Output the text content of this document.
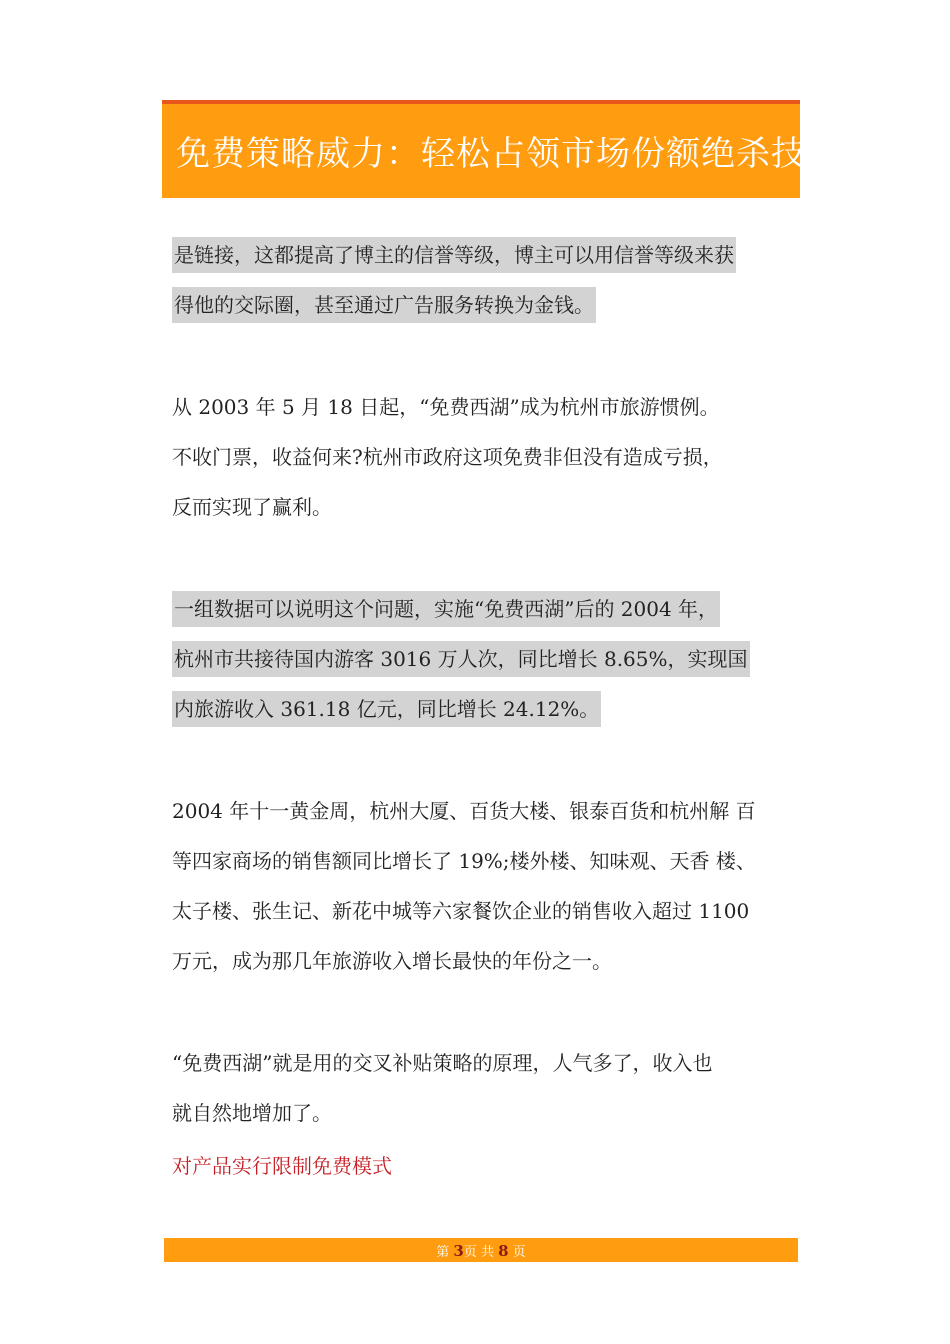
免费策略威力：轻松占领市场份额绝杀技
是链接，这都提高了博主的信誉等级，博主可以用信誉等级来获
得他的交际圈，甚至通过广告服务转换为金钱。
从 2003 年 5 月 18 日起，“免费西湖”成为杭州市旅游惯例。
不收门票，收益何来?杭州市政府这项免费非但没有造成亏损，
反而实现了赢利。
一组数据可以说明这个问题，实施“免费西湖”后的 2004 年，
杭州市共接待国内游客 3016 万人次，同比增长 8.65%，实现国
内旅游收入 361.18 亿元，同比增长 24.12%。
2004 年十一黄金周，杭州大厦、百货大楼、银泰百货和杭州解 百
等四家商场的销售额同比增长了 19%;楼外楼、知味观、天香 楼、
太子楼、张生记、新花中城等六家餐饮企业的销售收入超过 1100
万元，成为那几年旅游收入增长最快的年份之一。
“免费西湖”就是用的交叉补贴策略的原理，人气多了，收入也
就自然地增加了。
对产品实行限制免费模式
第 3页 共 8 页
